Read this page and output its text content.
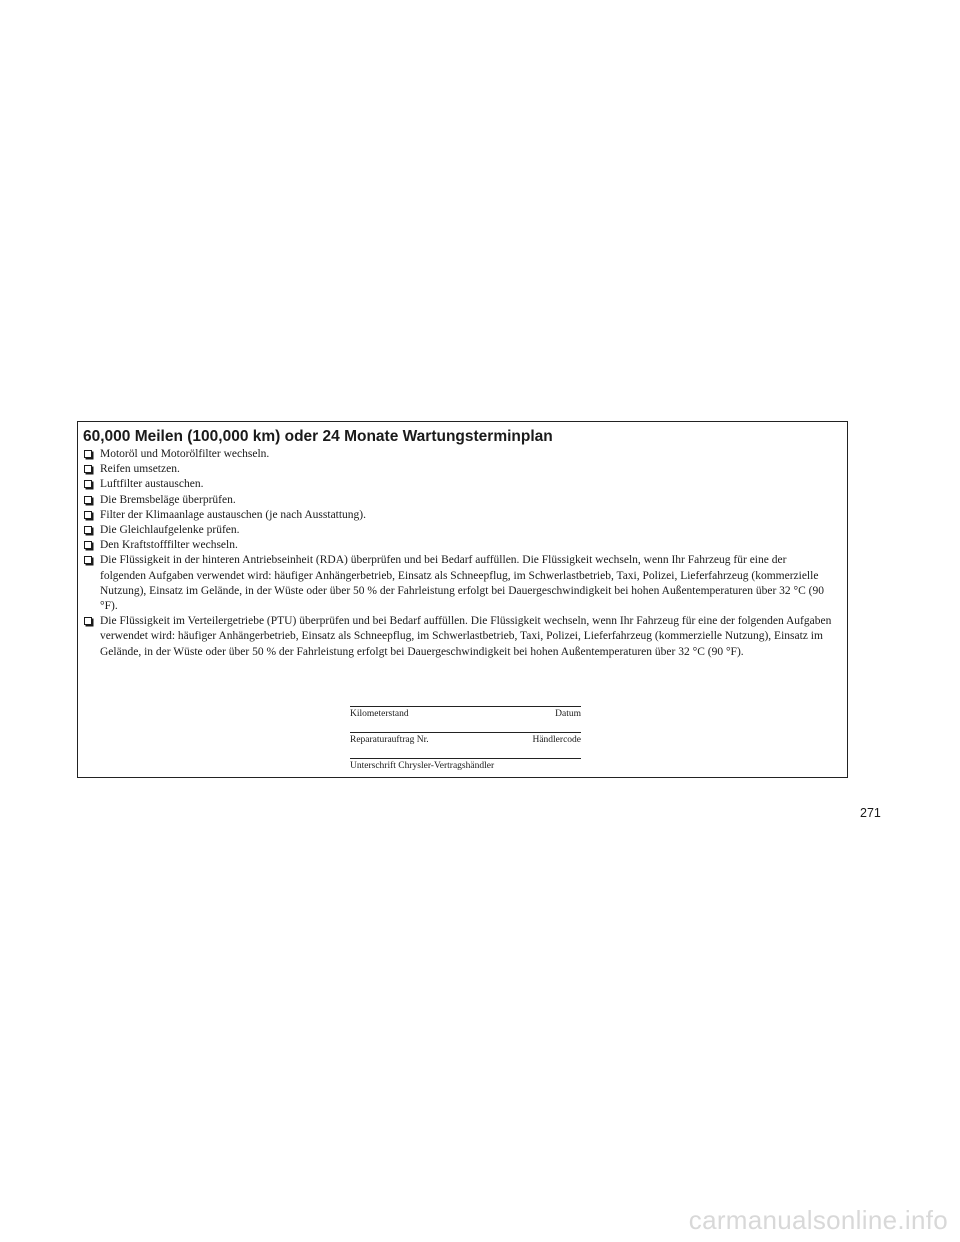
60,000 Meilen (100,000 km) oder 24 Monate Wartungsterminplan
Motoröl und Motorölfilter wechseln.
Reifen umsetzen.
Luftfilter austauschen.
Die Bremsbeläge überprüfen.
Filter der Klimaanlage austauschen (je nach Ausstattung).
Die Gleichlaufgelenke prüfen.
Den Kraftstofffilter wechseln.
Die Flüssigkeit in der hinteren Antriebseinheit (RDA) überprüfen und bei Bedarf auffüllen. Die Flüssigkeit wechseln, wenn Ihr Fahrzeug für eine der folgenden Aufgaben verwendet wird: häufiger Anhängerbetrieb, Einsatz als Schneepflug, im Schwerlastbetrieb, Taxi, Polizei, Lieferfahrzeug (kommerzielle Nutzung), Einsatz im Gelände, in der Wüste oder über 50 % der Fahrleistung erfolgt bei Dauergeschwindigkeit bei hohen Außentemperaturen über 32 °C (90 °F).
Die Flüssigkeit im Verteilergetriebe (PTU) überprüfen und bei Bedarf auffüllen. Die Flüssigkeit wechseln, wenn Ihr Fahrzeug für eine der folgenden Aufgaben verwendet wird: häufiger Anhängerbetrieb, Einsatz als Schneepflug, im Schwerlastbetrieb, Taxi, Polizei, Lieferfahrzeug (kommerzielle Nutzung), Einsatz im Gelände, in der Wüste oder über 50 % der Fahrleistung erfolgt bei Dauergeschwindigkeit bei hohen Außentemperaturen über 32 °C (90 °F).
Kilometerstand	Datum
Reparaturauftrag Nr.	Händlercode
Unterschrift Chrysler-Vertragshändler
271
carmanualsonline.info
